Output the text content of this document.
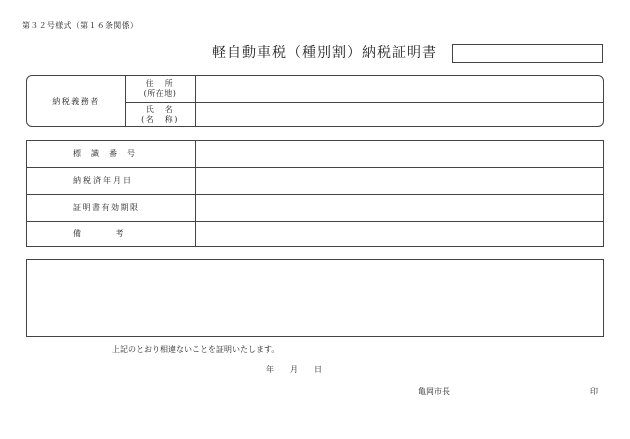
第３２号様式（第１６条関係）
軽自動車税（種別割）納税証明書
納税義務者
住　所
(所在地)
氏　名
(名　称)
標　識　番　号
納税済年月日
証明書有効期限
備　　　　考
上記のとおり相違ないことを証明いたします。
年　　月　　日
亀岡市長	印
